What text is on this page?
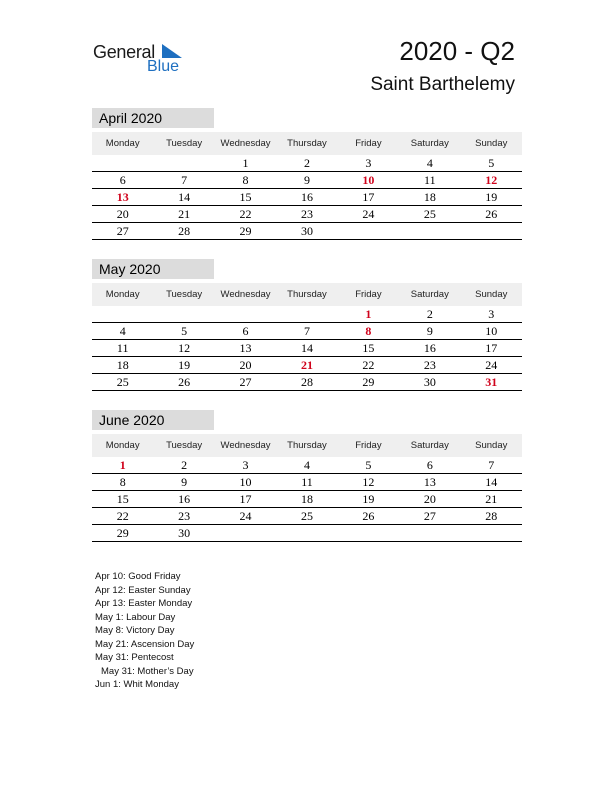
General
Blue
2020 - Q2
Saint Barthelemy
April 2020
Monday	Tuesday	Wednesday	Thursday	Friday	Saturday	Sunday
		1	2	3	4	5
6	7	8	9	10	11	12
13	14	15	16	17	18	19
20	21	22	23	24	25	26
27	28	29	30			
May 2020
Monday	Tuesday	Wednesday	Thursday	Friday	Saturday	Sunday
				1	2	3
4	5	6	7	8	9	10
11	12	13	14	15	16	17
18	19	20	21	22	23	24
25	26	27	28	29	30	31
June 2020
Monday	Tuesday	Wednesday	Thursday	Friday	Saturday	Sunday
1	2	3	4	5	6	7
8	9	10	11	12	13	14
15	16	17	18	19	20	21
22	23	24	25	26	27	28
29	30					
Apr 10: Good Friday
Apr 12: Easter Sunday
Apr 13: Easter Monday
May 1: Labour Day
May 8: Victory Day
May 21: Ascension Day
May 31: Pentecost
May 31: Mother’s Day
Jun 1: Whit Monday
